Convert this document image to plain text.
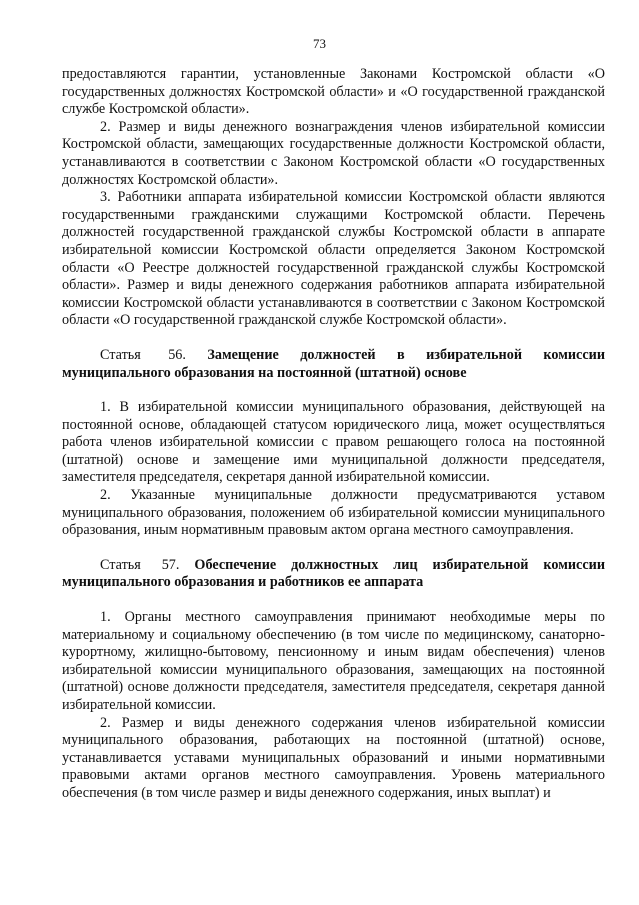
73

предоставляются гарантии, установленные Законами Костромской области «О государственных должностях Костромской области» и «О государственной гражданской службе Костромской области».

2. Размер и виды денежного вознаграждения членов избирательной комиссии Костромской области, замещающих государственные должности Костромской области, устанавливаются в соответствии с Законом Костромской области «О государственных должностях Костромской области».

3. Работники аппарата избирательной комиссии Костромской области являются государственными гражданскими служащими Костромской области. Перечень должностей государственной гражданской службы Костромской области в аппарате избирательной комиссии Костромской области определяется Законом Костромской области «О Реестре должностей государственной гражданской службы Костромской области». Размер и виды денежного содержания работников аппарата избирательной комиссии Костромской области устанавливаются в соответствии с Законом Костромской области «О государственной гражданской службе Костромской области».

Статья 56. Замещение должностей в избирательной комиссии муниципального образования на постоянной (штатной) основе

1. В избирательной комиссии муниципального образования, действующей на постоянной основе, обладающей статусом юридического лица, может осуществляться работа членов избирательной комиссии с правом решающего голоса на постоянной (штатной) основе и замещение ими муниципальной должности председателя, заместителя председателя, секретаря данной избирательной комиссии.

2. Указанные муниципальные должности предусматриваются уставом муниципального образования, положением об избирательной комиссии муниципального образования, иным нормативным правовым актом органа местного самоуправления.

Статья 57. Обеспечение должностных лиц избирательной комиссии муниципального образования и работников ее аппарата

1. Органы местного самоуправления принимают необходимые меры по материальному и социальному обеспечению (в том числе по медицинскому, санаторно-курортному, жилищно-бытовому, пенсионному и иным видам обеспечения) членов избирательной комиссии муниципального образования, замещающих на постоянной (штатной) основе должности председателя, заместителя председателя, секретаря данной избирательной комиссии.

2. Размер и виды денежного содержания членов избирательной комиссии муниципального образования, работающих на постоянной (штатной) основе, устанавливается уставами муниципальных образований и иными нормативными правовыми актами органов местного самоуправления. Уровень материального обеспечения (в том числе размер и виды денежного содержания, иных выплат) и
